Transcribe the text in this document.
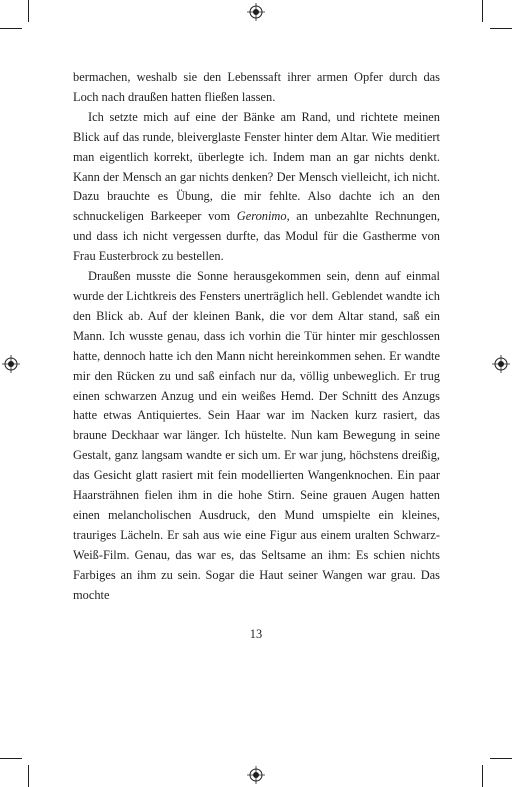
bermachen, weshalb sie den Lebenssaft ihrer armen Opfer durch das Loch nach draußen hatten fließen lassen.

Ich setzte mich auf eine der Bänke am Rand, und richtete meinen Blick auf das runde, bleiverglaste Fenster hinter dem Altar. Wie meditiert man eigentlich korrekt, überlegte ich. Indem man an gar nichts denkt. Kann der Mensch an gar nichts denken? Der Mensch vielleicht, ich nicht. Dazu brauchte es Übung, die mir fehlte. Also dachte ich an den schnuckeligen Barkeeper vom Geronimo, an unbezahlte Rechnungen, und dass ich nicht vergessen durfte, das Modul für die Gastherme von Frau Eusterbrock zu bestellen.

Draußen musste die Sonne herausgekommen sein, denn auf einmal wurde der Lichtkreis des Fensters unerträglich hell. Geblendet wandte ich den Blick ab. Auf der kleinen Bank, die vor dem Altar stand, saß ein Mann. Ich wusste genau, dass ich vorhin die Tür hinter mir geschlossen hatte, dennoch hatte ich den Mann nicht hereinkommen sehen. Er wandte mir den Rücken zu und saß einfach nur da, völlig unbeweglich. Er trug einen schwarzen Anzug und ein weißes Hemd. Der Schnitt des Anzugs hatte etwas Antiquiertes. Sein Haar war im Nacken kurz rasiert, das braune Deckhaar war länger. Ich hüstelte. Nun kam Bewegung in seine Gestalt, ganz langsam wandte er sich um. Er war jung, höchstens dreißig, das Gesicht glatt rasiert mit fein modellierten Wangenknochen. Ein paar Haarsträhnen fielen ihm in die hohe Stirn. Seine grauen Augen hatten einen melancholischen Ausdruck, den Mund umspielte ein kleines, trauriges Lächeln. Er sah aus wie eine Figur aus einem uralten Schwarz-Weiß-Film. Genau, das war es, das Seltsame an ihm: Es schien nichts Farbiges an ihm zu sein. Sogar die Haut seiner Wangen war grau. Das mochte

13
